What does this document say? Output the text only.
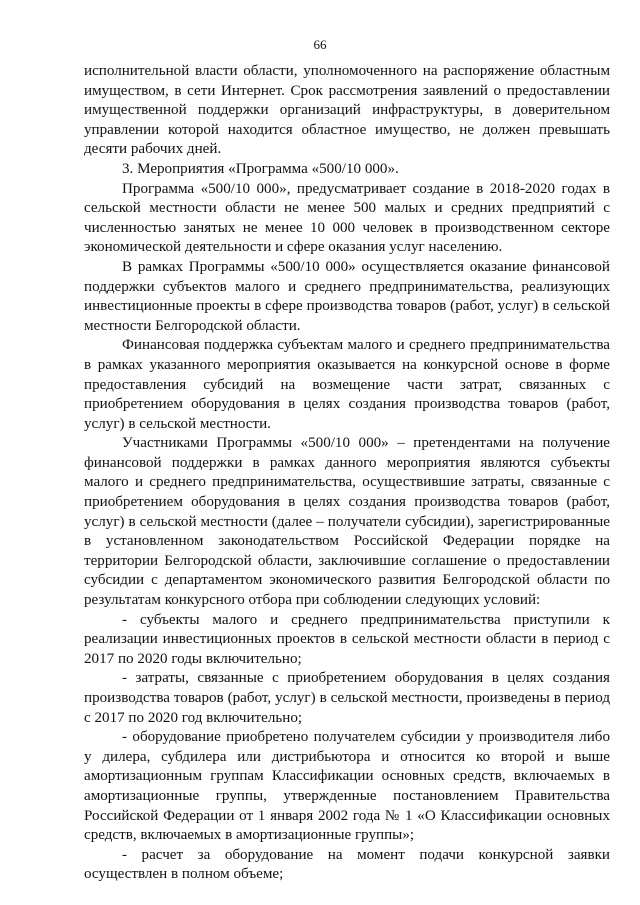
66

исполнительной власти области, уполномоченного на распоряжение областным имуществом, в сети Интернет. Срок рассмотрения заявлений о предоставлении имущественной поддержки организаций инфраструктуры, в доверительном управлении которой находится областное имущество, не должен превышать десяти рабочих дней.

3. Мероприятия «Программа «500/10 000».

Программа «500/10 000», предусматривает создание в 2018-2020 годах в сельской местности области не менее 500 малых и средних предприятий с численностью занятых не менее 10 000 человек в производственном секторе экономической деятельности и сфере оказания услуг населению.

В рамках Программы «500/10 000» осуществляется оказание финансовой поддержки субъектов малого и среднего предпринимательства, реализующих инвестиционные проекты в сфере производства товаров (работ, услуг) в сельской местности Белгородской области.

Финансовая поддержка субъектам малого и среднего предпринимательства в рамках указанного мероприятия оказывается на конкурсной основе в форме предоставления субсидий на возмещение части затрат, связанных с приобретением оборудования в целях создания производства товаров (работ, услуг) в сельской местности.

Участниками Программы «500/10 000» – претендентами на получение финансовой поддержки в рамках данного мероприятия являются субъекты малого и среднего предпринимательства, осуществившие затраты, связанные с приобретением оборудования в целях создания производства товаров (работ, услуг) в сельской местности (далее – получатели субсидии), зарегистрированные в установленном законодательством Российской Федерации порядке на территории Белгородской области, заключившие соглашение о предоставлении субсидии с департаментом экономического развития Белгородской области по результатам конкурсного отбора при соблюдении следующих условий:

- субъекты малого и среднего предпринимательства приступили к реализации инвестиционных проектов в сельской местности области в период с 2017 по 2020 годы включительно;

- затраты, связанные с приобретением оборудования в целях создания производства товаров (работ, услуг) в сельской местности, произведены в период с 2017 по 2020 год включительно;

- оборудование приобретено получателем субсидии у производителя либо у дилера, субдилера или дистрибьютора и относится ко второй и выше амортизационным группам Классификации основных средств, включаемых в амортизационные группы, утвержденные постановлением Правительства Российской Федерации от 1 января 2002 года № 1 «О Классификации основных средств, включаемых в амортизационные группы»;

- расчет за оборудование на момент подачи конкурсной заявки осуществлен в полном объеме;
